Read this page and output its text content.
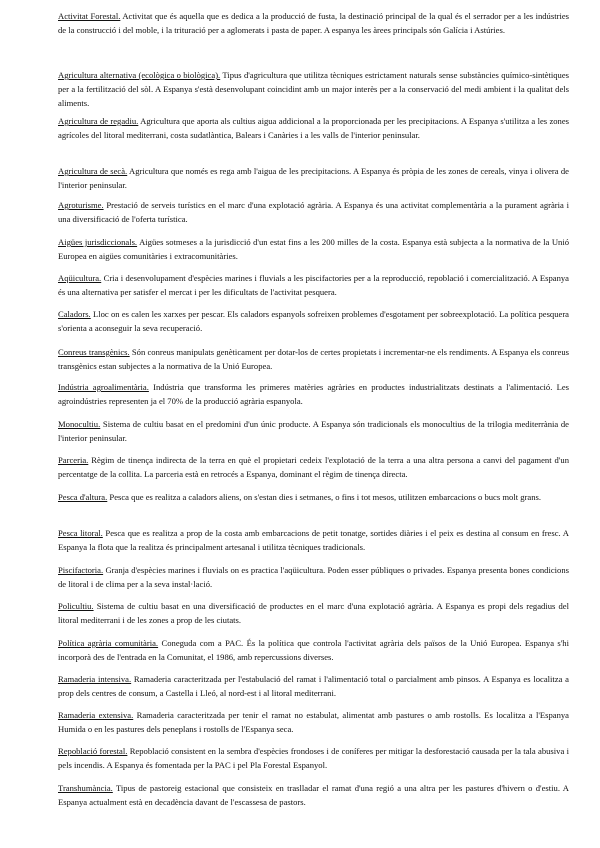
Activitat Forestal. Activitat que és aquella que es dedica a la producció de fusta, la destinació principal de la qual és el serrador per a les indústries de la construcció i del moble, i la trituració per a aglomerats i pasta de paper. A espanya les àrees principals són Galícia i Astúries.

Agricultura alternativa (ecològica o biològica). Tipus d'agricultura que utilitza tècniques estrictament naturals sense substàncies químico-sintètiques per a la fertilització del sòl. A Espanya s'està desenvolupant coincidint amb un major interès per a la conservació del medi ambient i la qualitat dels aliments.

Agricultura de regadiu. Agricultura que aporta als cultius aigua addicional a la proporcionada per les precipitacions. A Espanya s'utilitza a les zones agrícoles del litoral mediterrani, costa sudatlàntica, Balears i Canàries i a les valls de l'interior peninsular.

Agricultura de secà. Agricultura que només es rega amb l'aigua de les precipitacions. A Espanya és pròpia de les zones de cereals, vinya i olivera de l'interior peninsular.

Agroturisme. Prestació de serveis turístics en el marc d'una explotació agrària. A Espanya és una activitat complementària a la purament agrària i una diversificació de l'oferta turística.

Aigües jurisdiccionals. Aigües sotmeses a la jurisdicció d'un estat fins a les 200 milles de la costa. Espanya està subjecta a la normativa de la Unió Europea en aigües comunitàries i extracomunitàries.

Aqüicultura. Cria i desenvolupament d'espècies marines i fluvials a les piscifactories per a la reproducció, repoblació i comercialització. A Espanya és una alternativa per satisfer el mercat i per les dificultats de l'activitat pesquera.

Caladors. Lloc on es calen les xarxes per pescar. Els caladors espanyols sofreixen problemes d'esgotament per sobreexplotació. La política pesquera s'orienta a aconseguir la seva recuperació.

Conreus transgènics. Són conreus manipulats genèticament per dotar-los de certes propietats i incrementar-ne els rendiments. A Espanya els conreus transgènics estan subjectes a la normativa de la Unió Europea.

Indústria agroalimentària. Indústria que transforma les primeres matèries agràries en productes industrialitzats destinats a l'alimentació. Les agroindústries representen ja el 70% de la producció agrària espanyola.

Monocultiu. Sistema de cultiu basat en el predomini d'un únic producte. A Espanya són tradicionals els monocultius de la trilogia mediterrània de l'interior peninsular.

Parceria. Règim de tinença indirecta de la terra en què el propietari cedeix l'explotació de la terra a una altra persona a canvi del pagament d'un percentatge de la collita. La parceria està en retrocés a Espanya, dominant el règim de tinença directa.

Pesca d'altura. Pesca que es realitza a caladors aliens, on s'estan dies i setmanes, o fins i tot mesos, utilitzen embarcacions o bucs molt grans.

Pesca litoral. Pesca que es realitza a prop de la costa amb embarcacions de petit tonatge, sortides diàries i el peix es destina al consum en fresc. A Espanya la flota que la realitza és principalment artesanal i utilitza tècniques tradicionals.

Piscifactoria. Granja d'espècies marines i fluvials on es practica l'aqüicultura. Poden esser públiques o privades. Espanya presenta bones condicions de litoral i de clima per a la seva instal·lació.

Policultiu. Sistema de cultiu basat en una diversificació de productes en el marc d'una explotació agrària. A Espanya es propi dels regadius del litoral mediterrani i de les zones a prop de les ciutats.

Política agrària comunitària. Coneguda com a PAC. És la política que controla l'activitat agrària dels països de la Unió Europea. Espanya s'hi incorporà des de l'entrada en la Comunitat, el 1986, amb repercussions diverses.

Ramaderia intensiva. Ramaderia caracteritzada per l'estabulació del ramat i l'alimentació total o parcialment amb pinsos. A Espanya es localitza a prop dels centres de consum, a Castella i Lleó, al nord-est i al litoral mediterrani.

Ramaderia extensiva. Ramaderia caracteritzada per tenir el ramat no estabulat, alimentat amb pastures o amb rostolls. Es localitza a l'Espanya Humida o en les pastures dels peneplans i rostolls de l'Espanya seca.

Repoblació forestal. Repoblació consistent en la sembra d'espècies frondoses i de coníferes per mitigar la desforestació causada per la tala abusiva i pels incendis. A Espanya és fomentada per la PAC i pel Pla Forestal Espanyol.

Transhumància. Tipus de pastoreig estacional que consisteix en traslladar el ramat d'una regió a una altra per les pastures d'hivern o d'estiu. A Espanya actualment està en decadència davant de l'escassesa de pastors.
